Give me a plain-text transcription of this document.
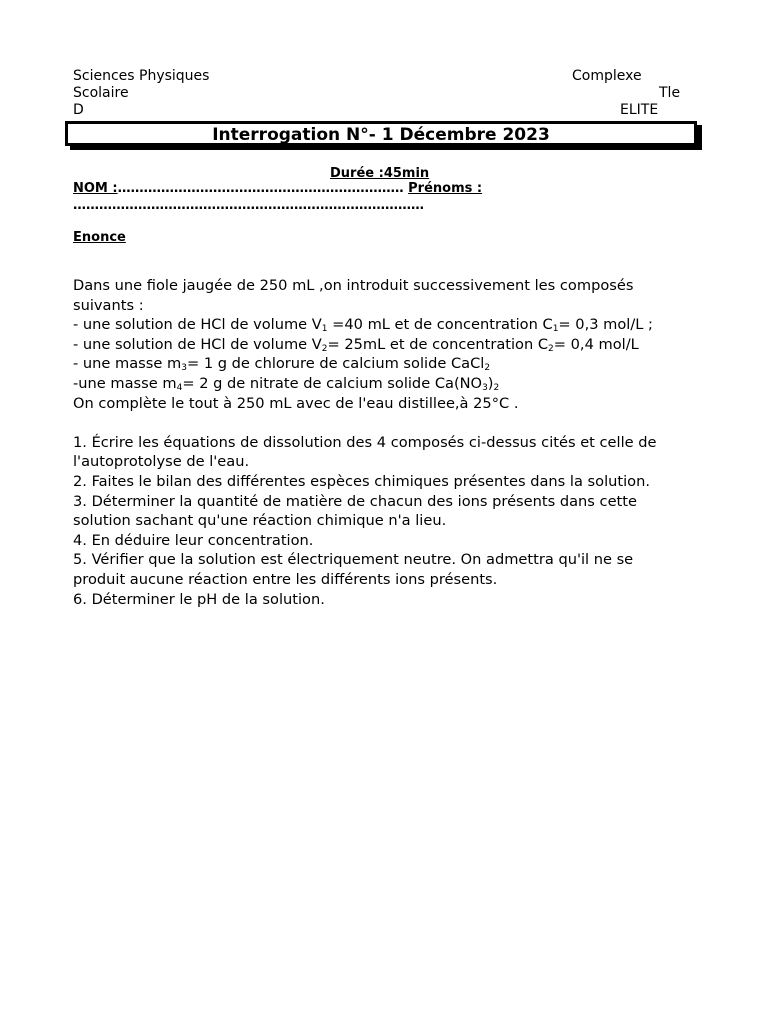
Sciences Physiques	Complexe
Scolaire	Tle
D	ELITE
Interrogation N°- 1 Décembre 2023
Durée :45min
NOM :………………………………………………………… Prénoms :
………………………………………………………………………
Enonce
Dans une fiole jaugée de 250 mL ,on introduit successivement les composés
suivants :
- une solution de HCl de volume $V_1 =40$ mL et de concentration $C_1= 0,3$ mol/L ;
- une solution de HCl de volume $V_2= 25mL$ et de concentration $C_2= 0,4$ mol/L
- une masse $m_3= 1$ g de chlorure de calcium solide CaCl$_2$
-une masse $m_4= 2$ g de nitrate de calcium solide $Ca(NO_3)_2$
On complète le tout à 250 mL avec de l'eau distillee,à 25°C .
1. Écrire les équations de dissolution des 4 composés ci-dessus cités et celle de
l'autoprotolyse de l'eau.
2. Faites le bilan des différentes espèces chimiques présentes dans la solution.
3. Déterminer la quantité de matière de chacun des ions présents dans cette
solution sachant qu'une réaction chimique n'a lieu.
4. En déduire leur concentration.
5. Vérifier que la solution est électriquement neutre. On admettra qu'il ne se
produit aucune réaction entre les différents ions présents.
6. Déterminer le pH de la solution.
